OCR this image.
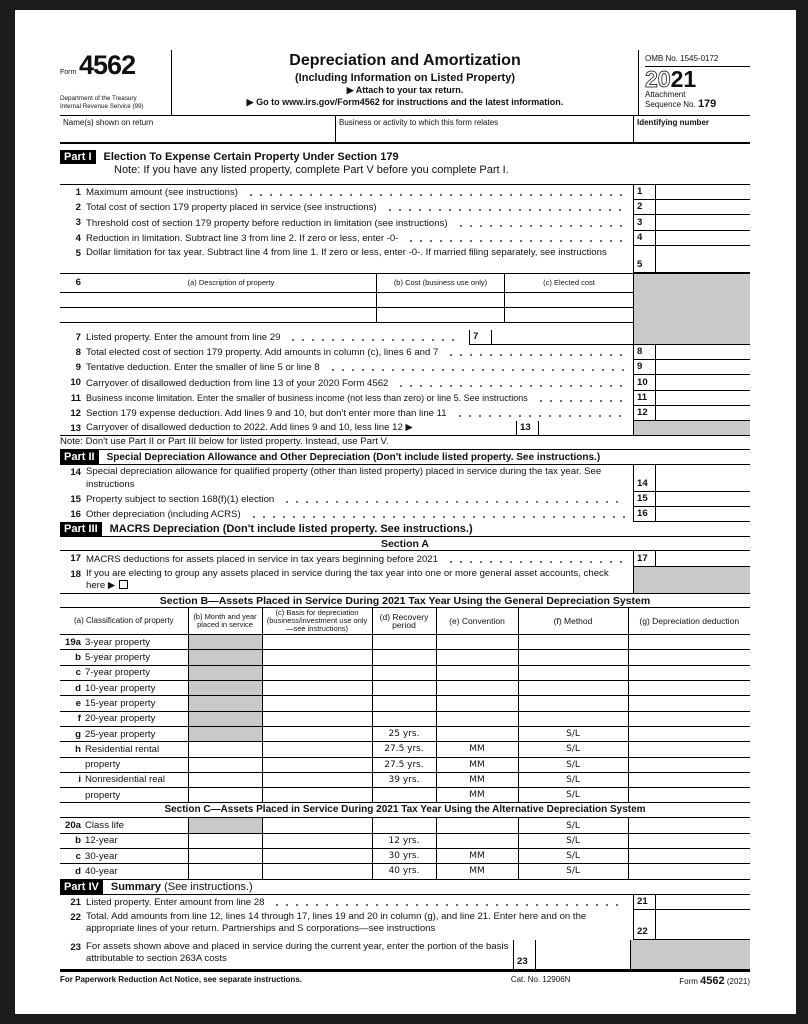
Form 4562
Department of the Treasury
Internal Revenue Service (99)
Depreciation and Amortization
(Including Information on Listed Property)
▶ Attach to your tax return.
▶ Go to www.irs.gov/Form4562 for instructions and the latest information.
OMB No. 1545-0172
2021
Attachment
Sequence No. 179
Name(s) shown on return	Business or activity to which this form relates	Identifying number
Part I	Election To Expense Certain Property Under Section 179
Note: If you have any listed property, complete Part V before you complete Part I.
1 Maximum amount (see instructions)	1
2 Total cost of section 179 property placed in service (see instructions)	2
3 Threshold cost of section 179 property before reduction in limitation (see instructions)	3
4 Reduction in limitation. Subtract line 3 from line 2. If zero or less, enter -0-	4
5 Dollar limitation for tax year. Subtract line 4 from line 1. If zero or less, enter -0-. If married filing separately, see instructions
5
6	(a) Description of property	(b) Cost (business use only)	(c) Elected cost
7 Listed property. Enter the amount from line 29	7
8 Total elected cost of section 179 property. Add amounts in column (c), lines 6 and 7	8
9 Tentative deduction. Enter the smaller of line 5 or line 8	9
10 Carryover of disallowed deduction from line 13 of your 2020 Form 4562	10
11 Business income limitation. Enter the smaller of business income (not less than zero) or line 5. See instructions	11
12 Section 179 expense deduction. Add lines 9 and 10, but don't enter more than line 11	12
13 Carryover of disallowed deduction to 2022. Add lines 9 and 10, less line 12 ▶	13
Note: Don't use Part II or Part III below for listed property. Instead, use Part V.
Part II	Special Depreciation Allowance and Other Depreciation (Don't include listed property. See instructions.)
14 Special depreciation allowance for qualified property (other than listed property) placed in service during the tax year. See instructions	14
15 Property subject to section 168(f)(1) election	15
16 Other depreciation (including ACRS)	16
Part III	MACRS Depreciation (Don't include listed property. See instructions.)
Section A
17 MACRS deductions for assets placed in service in tax years beginning before 2021	17
18 If you are electing to group any assets placed in service during the tax year into one or more general asset accounts, check here ▶
Section B—Assets Placed in Service During 2021 Tax Year Using the General Depreciation System
(a) Classification of property	(b) Month and year placed in service	(c) Basis for depreciation (business/investment use only—see instructions)	(d) Recovery period	(e) Convention	(f) Method	(g) Depreciation deduction
19a 3-year property						
b 5-year property						
c 7-year property						
d 10-year property						
e 15-year property						
f 20-year property						
g 25-year property			25 yrs.		S/L	
h Residential rental			27.5 yrs.	MM	S/L	
property			27.5 yrs.	MM	S/L	
i Nonresidential real			39 yrs.	MM	S/L	
property				MM	S/L	
Section C—Assets Placed in Service During 2021 Tax Year Using the Alternative Depreciation System						
20a Class life					S/L	
b 12-year			12 yrs.		S/L	
c 30-year			30 yrs.	MM	S/L	
d 40-year			40 yrs.	MM	S/L	
Part IV	Summary
(See instructions.)
21 Listed property. Enter amount from line 28	21
22 Total. Add amounts from line 12, lines 14 through 17, lines 19 and 20 in column (g), and line 21. Enter here and on the appropriate lines of your return. Partnerships and S corporations—see instructions	22
23 For assets shown above and placed in service during the current year, enter the portion of the basis attributable to section 263A costs	23
For Paperwork Reduction Act Notice, see separate instructions.	Cat. No. 12906N	Form 4562 (2021)
